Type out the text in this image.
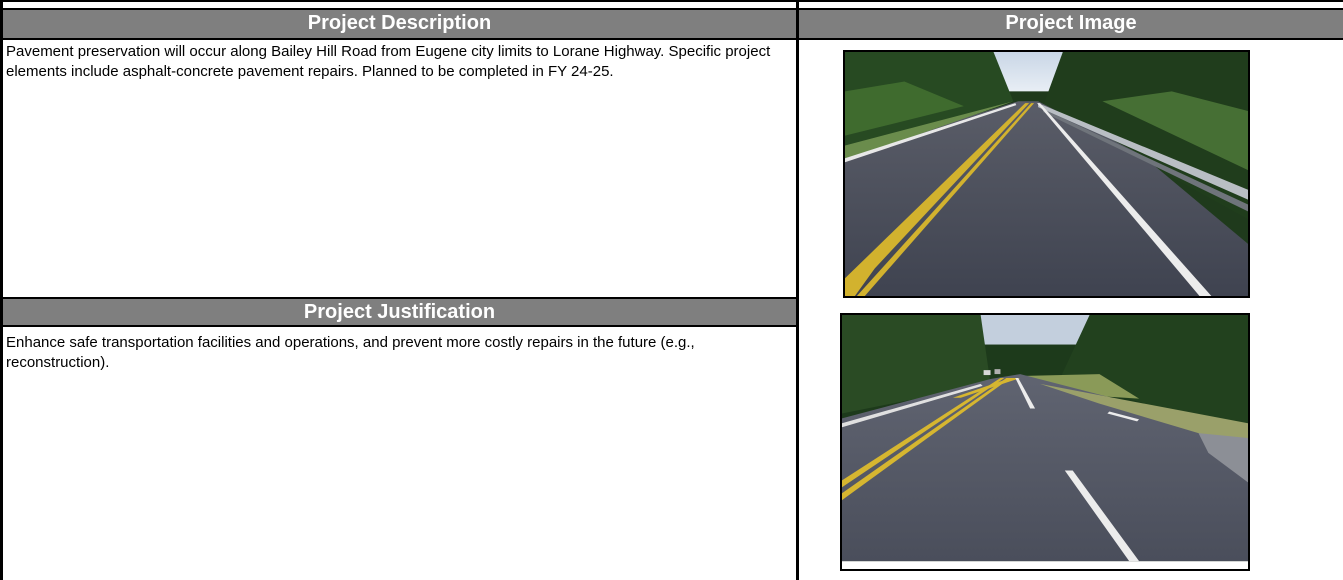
Project Description	Project Image
Pavement preservation will occur along Bailey Hill Road from Eugene city limits to Lorane Highway. Specific project elements include asphalt-concrete pavement repairs. Planned to be completed in FY 24-25.
Project Justification
Enhance safe transportation facilities and operations, and prevent more costly repairs in the future (e.g., reconstruction).
